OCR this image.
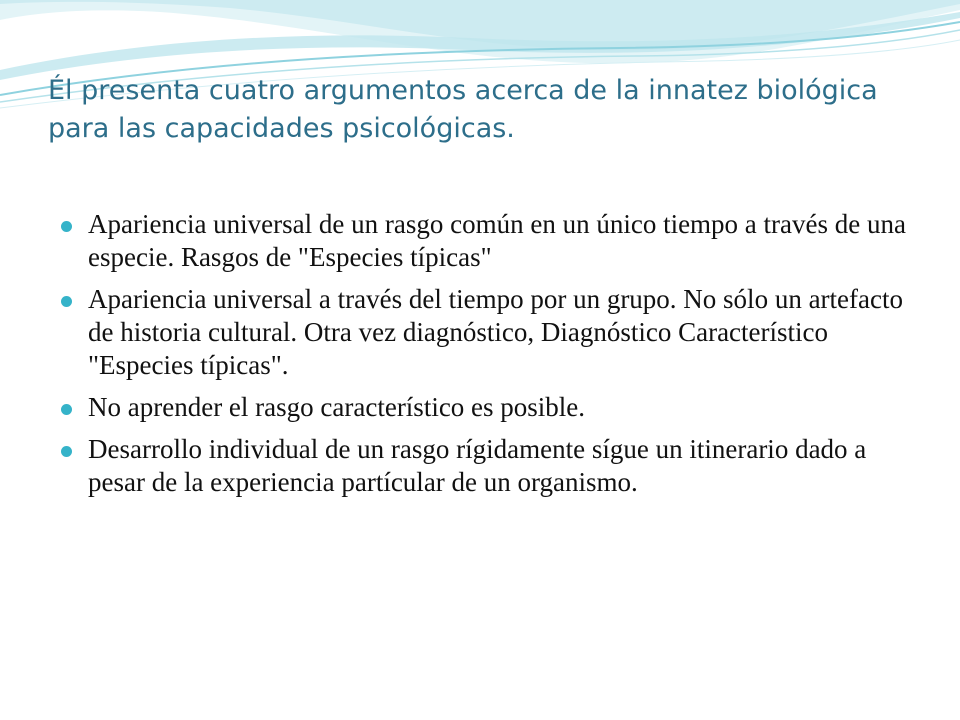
Él presenta cuatro argumentos acerca de la innatez biológica para las capacidades psicológicas.
Apariencia universal de un rasgo común en un único tiempo a través de una especie. Rasgos de "Especies típicas"
Apariencia universal a través del tiempo por un grupo. No sólo un artefacto de historia cultural. Otra vez diagnóstico, Diagnóstico Característico "Especies típicas".
No aprender el rasgo característico es posible.
Desarrollo individual de un rasgo rígidamente sígue un itinerario dado a pesar de la experiencia partícular de un organismo.
